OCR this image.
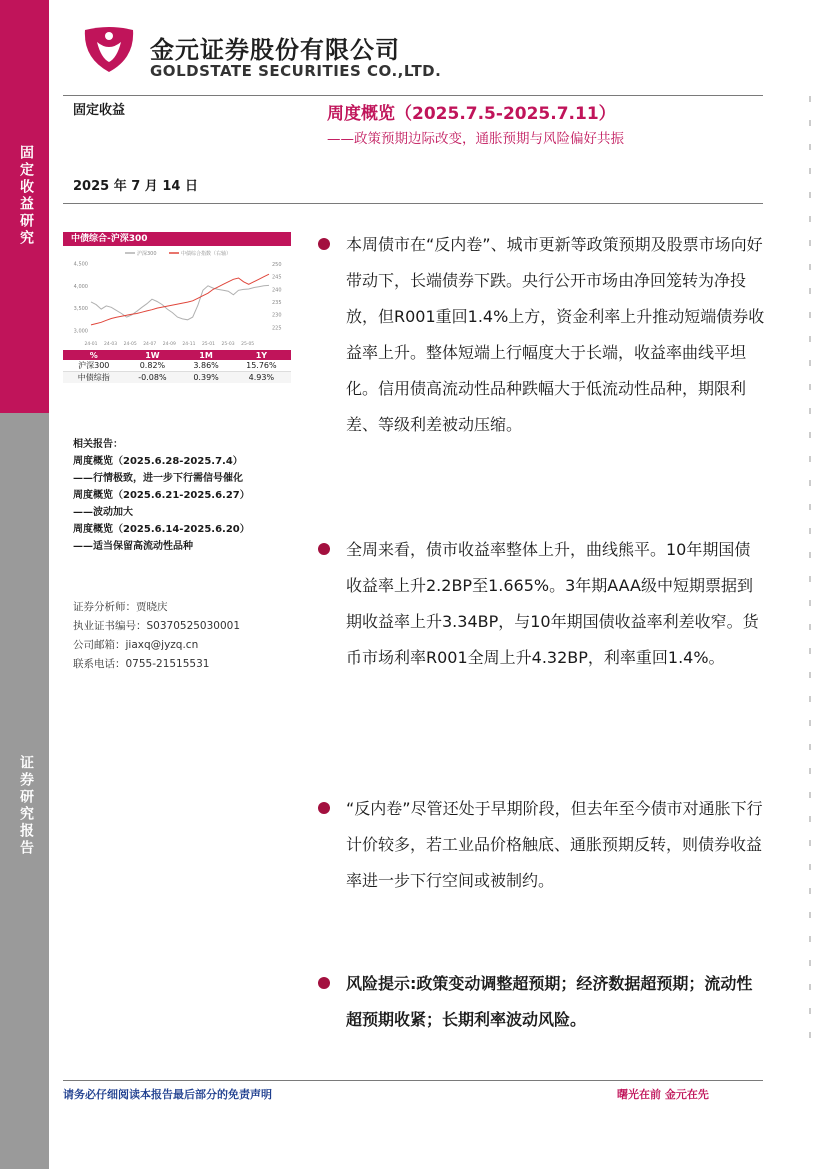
固定收益研究
证券研究报告
金元证券股份有限公司
GOLDSTATE SECURITIES CO.,LTD.
固定收益
2025 年 7 月 14 日
周度概览（2025.7.5-2025.7.11）
——政策预期边际改变，通胀预期与风险偏好共振
中债综合-沪深300
沪深300	中债综合指数（右轴）
4,500
4,000
3,500
3,000
250
245
240
235
230
225
24-01 24-03 24-05 24-07 24-09 24-11 25-01 25-03 25-05
%	1W	1M	1Y
沪深300	0.82%	3.86%	15.76%
中债综指	-0.08%	0.39%	4.93%
相关报告：
周度概览（2025.6.28-2025.7.4）
——行情极致，进一步下行需信号催化
周度概览（2025.6.21-2025.6.27）
——波动加大
周度概览（2025.6.14-2025.6.20）
——适当保留高流动性品种
证券分析师：贾晓庆
执业证书编号：S0370525030001
公司邮箱：jiaxq@jyzq.cn
联系电话：0755-21515531
本周债市在“反内卷”、城市更新等政策预期及股票市场向好带动下，长端债券下跌。央行公开市场由净回笼转为净投放，但R001重回1.4%上方，资金利率上升推动短端债券收益率上升。整体短端上行幅度大于长端，收益率曲线平坦化。信用债高流动性品种跌幅大于低流动性品种，期限利差、等级利差被动压缩。
全周来看，债市收益率整体上升，曲线熊平。10年期国债收益率上升2.2BP至1.665%。3年期AAA级中短期票据到期收益率上升3.34BP，与10年期国债收益率利差收窄。货币市场利率R001全周上升4.32BP，利率重回1.4%。
“反内卷”尽管还处于早期阶段，但去年至今债市对通胀下行计价较多，若工业品价格触底、通胀预期反转，则债券收益率进一步下行空间或被制约。
风险提示:政策变动调整超预期；经济数据超预期；流动性超预期收紧；长期利率波动风险。
请务必仔细阅读本报告最后部分的免责声明	曙光在前 金元在先
